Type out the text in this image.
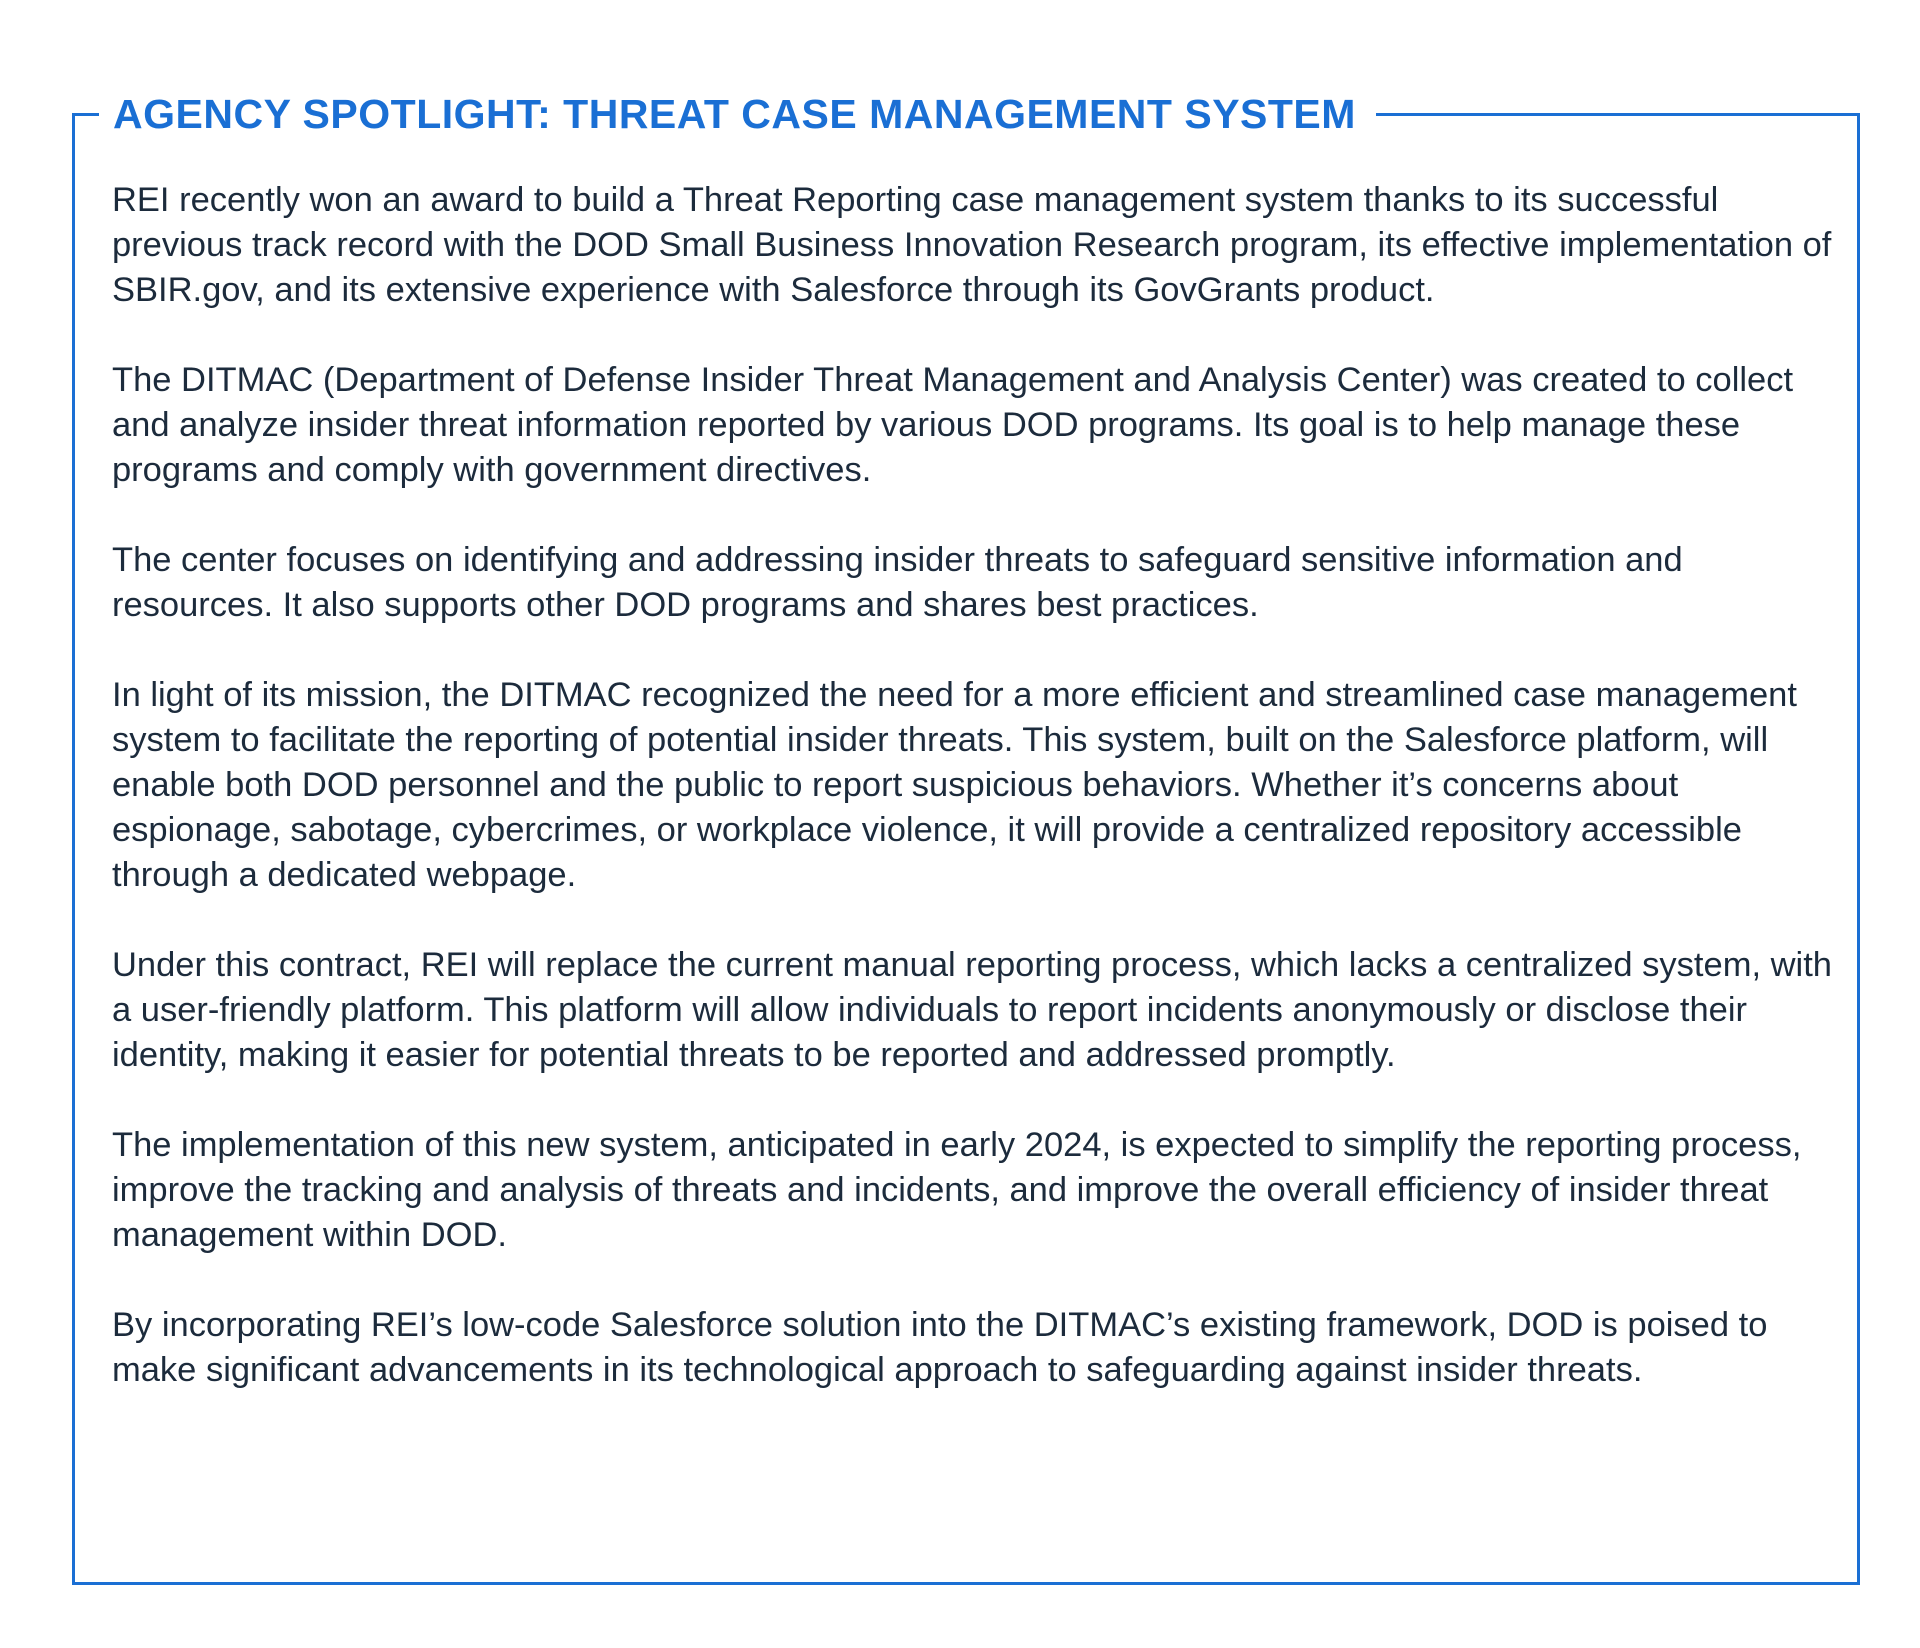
AGENCY SPOTLIGHT: THREAT CASE MANAGEMENT SYSTEM

REI recently won an award to build a Threat Reporting case management system thanks to its successful previous track record with the DOD Small Business Innovation Research program, its effective implementation of SBIR.gov, and its extensive experience with Salesforce through its GovGrants product.

The DITMAC (Department of Defense Insider Threat Management and Analysis Center) was created to collect and analyze insider threat information reported by various DOD programs. Its goal is to help manage these programs and comply with government directives.

The center focuses on identifying and addressing insider threats to safeguard sensitive information and resources. It also supports other DOD programs and shares best practices.

In light of its mission, the DITMAC recognized the need for a more efficient and streamlined case management system to facilitate the reporting of potential insider threats. This system, built on the Salesforce platform, will enable both DOD personnel and the public to report suspicious behaviors. Whether it’s concerns about espionage, sabotage, cybercrimes, or workplace violence, it will provide a centralized repository accessible through a dedicated webpage.

Under this contract, REI will replace the current manual reporting process, which lacks a centralized system, with a user-friendly platform. This platform will allow individuals to report incidents anonymously or disclose their identity, making it easier for potential threats to be reported and addressed promptly.

The implementation of this new system, anticipated in early 2024, is expected to simplify the reporting process, improve the tracking and analysis of threats and incidents, and improve the overall efficiency of insider threat management within DOD.

By incorporating REI’s low-code Salesforce solution into the DITMAC’s existing framework, DOD is poised to make significant advancements in its technological approach to safeguarding against insider threats.
